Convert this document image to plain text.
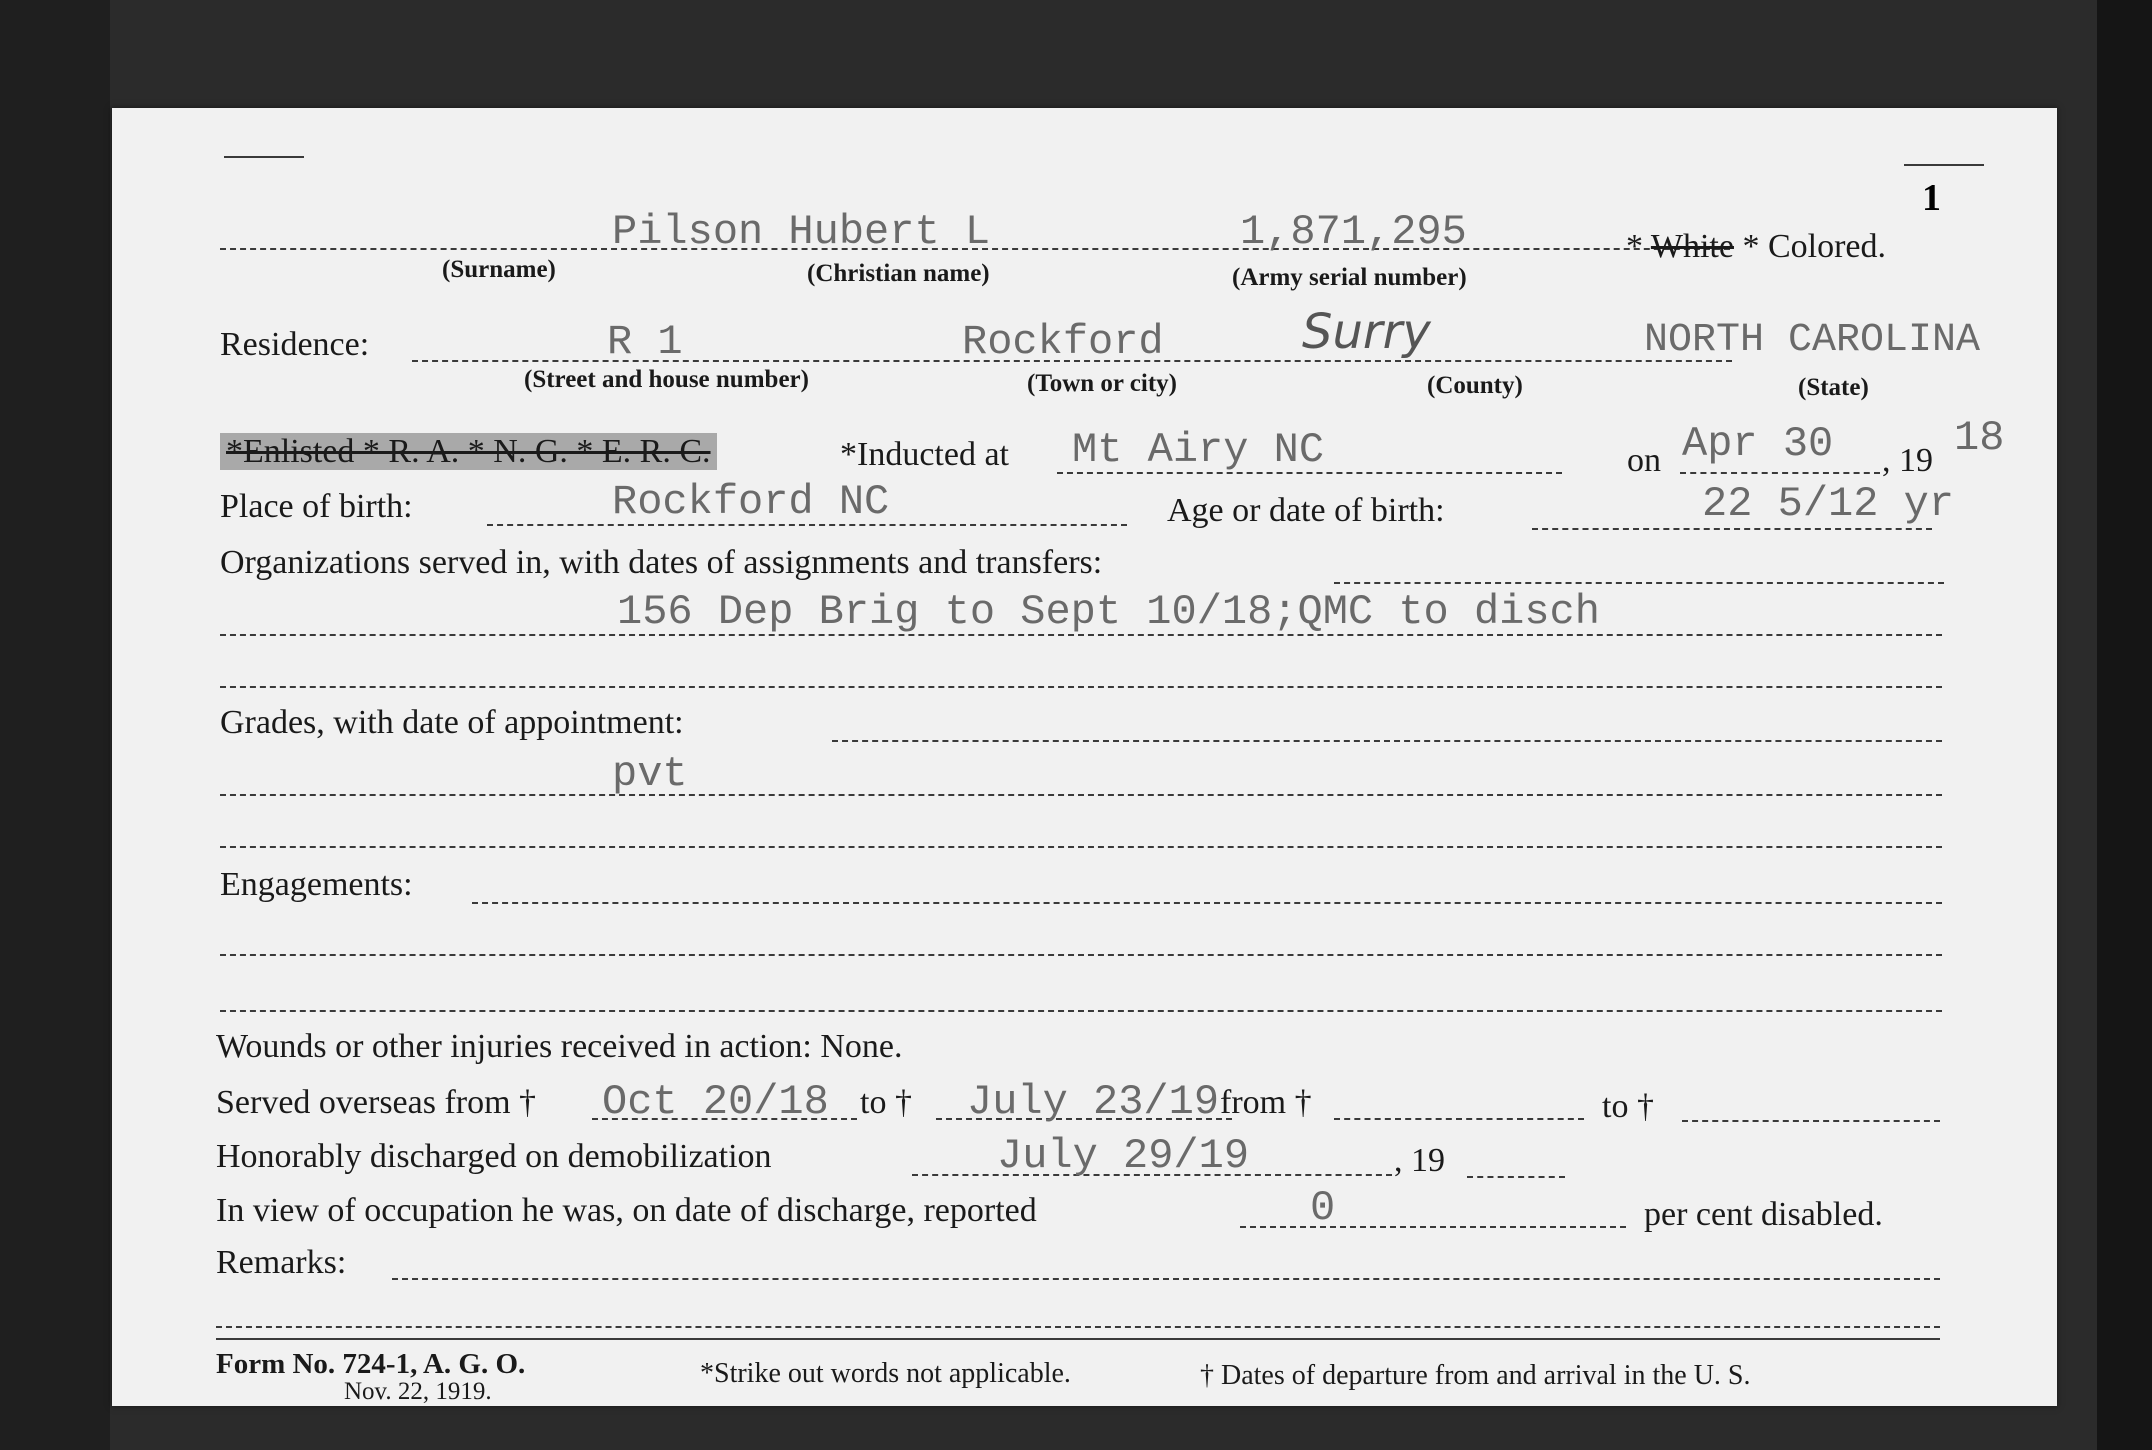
1
Pilson Hubert L	1,871,295	* White * Colored.
(Surname)	(Christian name)	(Army serial number)
Residence:	R 1	Rockford	Surry	NORTH CAROLINA
(Street and house number)	(Town or city)	(County)	(State)
*Enlisted * R. A. * N. G. * E. R. C.	*Inducted at Mt Airy NC	on Apr 30 , 19 18
Place of birth:	Rockford NC	Age or date of birth:	22 5/12 yr
Organizations served in, with dates of assignments and transfers:
156 Dep Brig to Sept 10/18;QMC to disch
Grades, with date of appointment:
pvt
Engagements:
Wounds or other injuries received in action: None.
Served overseas from † Oct 20/18 to † July 23/19 from †	to †
Honorably discharged on demobilization	July 29/19	, 19
In view of occupation he was, on date of discharge, reported	0	per cent disabled.
Remarks:
Form No. 724-1, A. G. O.
Nov. 22, 1919.
*Strike out words not applicable.	† Dates of departure from and arrival in the U. S.
